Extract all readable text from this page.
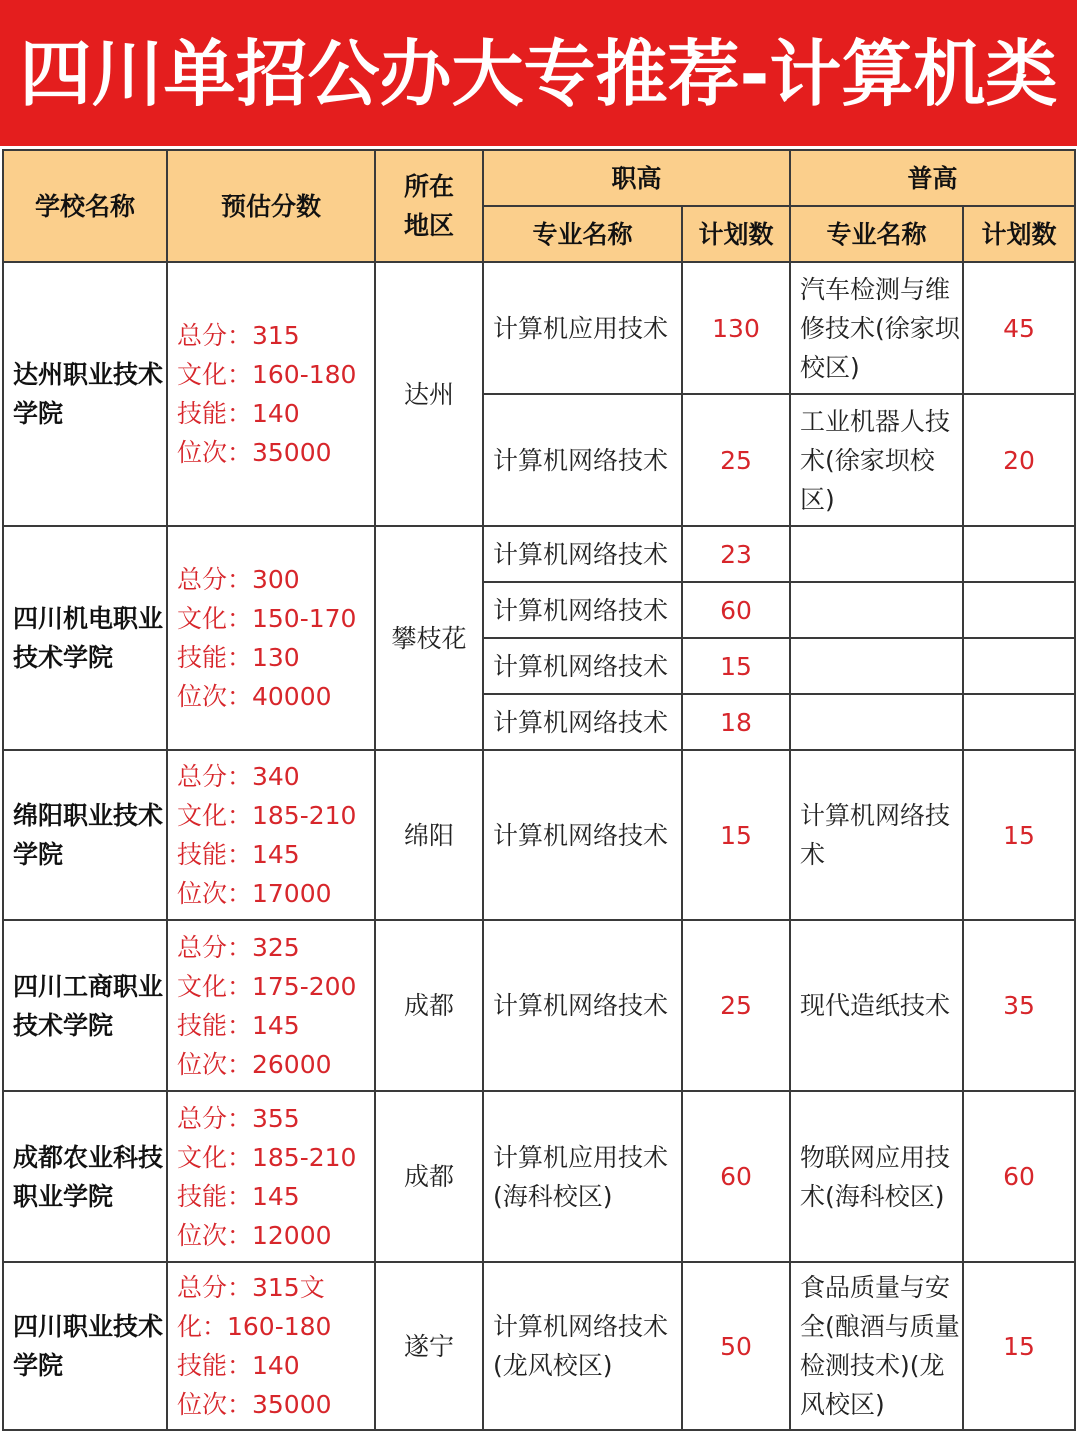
四川单招公办大专推荐-计算机类
学校名称	预估分数	所在地区	职高		普高	
			专业名称	计划数	专业名称	计划数

达州职业技术学院	总分：315
文化：160-180
技能：140
位次：35000	达州	计算机应用技术	130	汽车检测与维修技术(徐家坝校区)	45
			计算机网络技术	25	工业机器人技术(徐家坝校区)	20

四川机电职业技术学院	总分：300
文化：150-170
技能：130
位次：40000	攀枝花	计算机网络技术	23		
			计算机网络技术	60		
			计算机网络技术	15		
			计算机网络技术	18		

绵阳职业技术学院	总分：340
文化：185-210
技能：145
位次：17000	绵阳	计算机网络技术	15	计算机网络技术	15

四川工商职业技术学院	总分：325
文化：175-200
技能：145
位次：26000	成都	计算机网络技术	25	现代造纸技术	35

成都农业科技职业学院	总分：355
文化：185-210
技能：145
位次：12000	成都	计算机应用技术(海科校区)	60	物联网应用技术(海科校区)	60

四川职业技术学院	总分：315文化：160-180
技能：140
位次：35000	遂宁	计算机网络技术(龙风校区)	50	食品质量与安全(酿酒与质量检测技术)(龙风校区)	15
